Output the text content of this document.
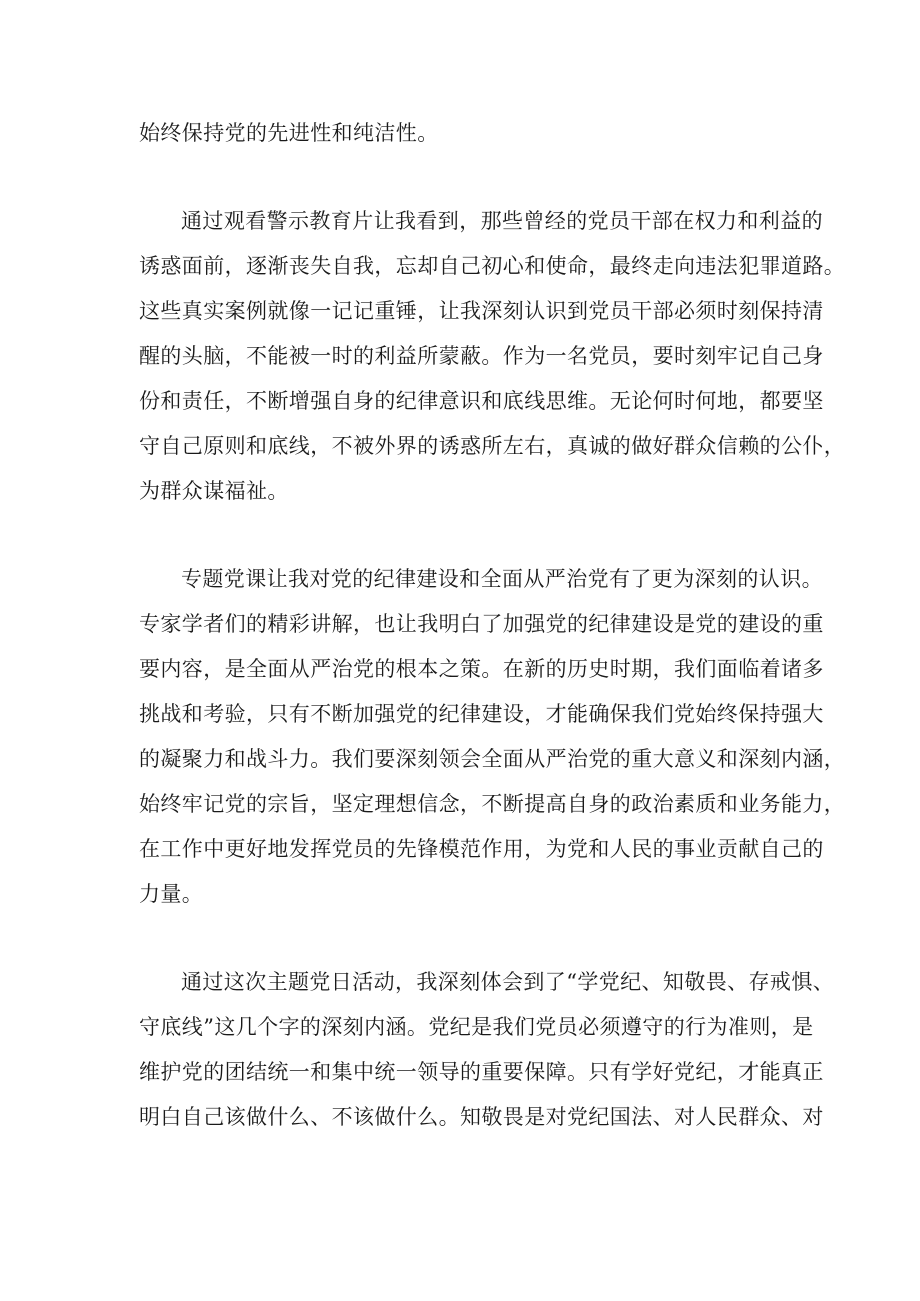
始终保持党的先进性和纯洁性。
通过观看警示教育片让我看到，那些曾经的党员干部在权力和利益的
诱惑面前，逐渐丧失自我，忘却自己初心和使命，最终走向违法犯罪道路。
这些真实案例就像一记记重锤，让我深刻认识到党员干部必须时刻保持清
醒的头脑，不能被一时的利益所蒙蔽。作为一名党员，要时刻牢记自己身
份和责任，不断增强自身的纪律意识和底线思维。无论何时何地，都要坚
守自己原则和底线，不被外界的诱惑所左右，真诚的做好群众信赖的公仆，
为群众谋福祉。
专题党课让我对党的纪律建设和全面从严治党有了更为深刻的认识。
专家学者们的精彩讲解，也让我明白了加强党的纪律建设是党的建设的重
要内容，是全面从严治党的根本之策。在新的历史时期，我们面临着诸多
挑战和考验，只有不断加强党的纪律建设，才能确保我们党始终保持强大
的凝聚力和战斗力。我们要深刻领会全面从严治党的重大意义和深刻内涵，
始终牢记党的宗旨，坚定理想信念，不断提高自身的政治素质和业务能力，
在工作中更好地发挥党员的先锋模范作用，为党和人民的事业贡献自己的
力量。
通过这次主题党日活动，我深刻体会到了“学党纪、知敬畏、存戒惧、
守底线”这几个字的深刻内涵。党纪是我们党员必须遵守的行为准则，是
维护党的团结统一和集中统一领导的重要保障。只有学好党纪，才能真正
明白自己该做什么、不该做什么。知敬畏是对党纪国法、对人民群众、对
